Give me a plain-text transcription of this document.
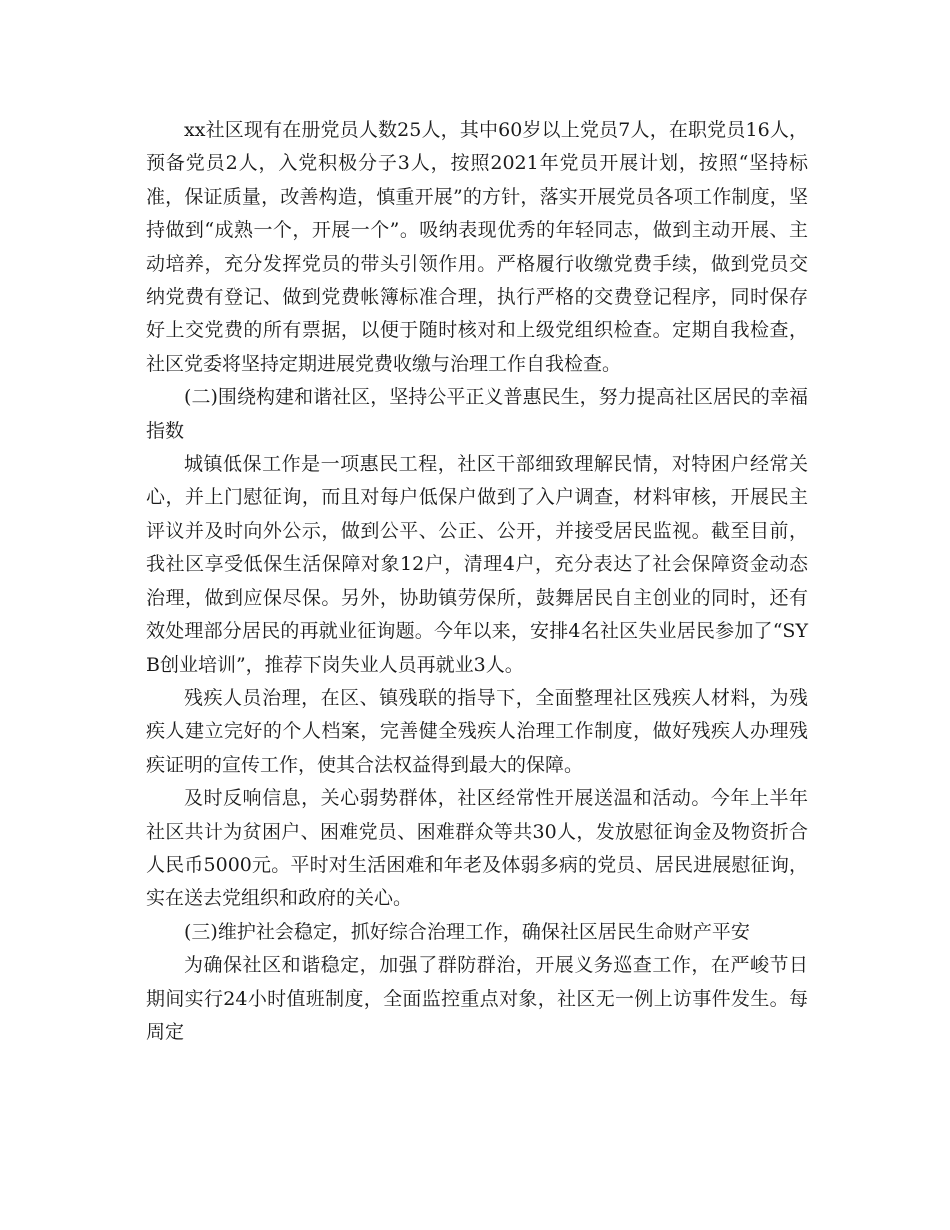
xx社区现有在册党员人数25人，其中60岁以上党员7人，在职党员16人，预备党员2人，入党积极分子3人，按照2021年党员开展计划，按照“坚持标准，保证质量，改善构造，慎重开展”的方针，落实开展党员各项工作制度，坚持做到“成熟一个，开展一个”。吸纳表现优秀的年轻同志，做到主动开展、主动培养，充分发挥党员的带头引领作用。严格履行收缴党费手续，做到党员交纳党费有登记、做到党费帐簿标准合理，执行严格的交费登记程序，同时保存好上交党费的所有票据，以便于随时核对和上级党组织检查。定期自我检查，社区党委将坚持定期进展党费收缴与治理工作自我检查。

(二)围绕构建和谐社区，坚持公平正义普惠民生，努力提高社区居民的幸福指数

城镇低保工作是一项惠民工程，社区干部细致理解民情，对特困户经常关心，并上门慰征询，而且对每户低保户做到了入户调查，材料审核，开展民主评议并及时向外公示，做到公平、公正、公开，并接受居民监视。截至目前，我社区享受低保生活保障对象12户，清理4户，充分表达了社会保障资金动态治理，做到应保尽保。另外，协助镇劳保所，鼓舞居民自主创业的同时，还有效处理部分居民的再就业征询题。今年以来，安排4名社区失业居民参加了“SYB创业培训”，推荐下岗失业人员再就业3人。

残疾人员治理，在区、镇残联的指导下，全面整理社区残疾人材料，为残疾人建立完好的个人档案，完善健全残疾人治理工作制度，做好残疾人办理残疾证明的宣传工作，使其合法权益得到最大的保障。

及时反响信息，关心弱势群体，社区经常性开展送温和活动。今年上半年社区共计为贫困户、困难党员、困难群众等共30人，发放慰征询金及物资折合人民币5000元。平时对生活困难和年老及体弱多病的党员、居民进展慰征询，实在送去党组织和政府的关心。

(三)维护社会稳定，抓好综合治理工作，确保社区居民生命财产平安

为确保社区和谐稳定，加强了群防群治，开展义务巡查工作，在严峻节日期间实行24小时值班制度，全面监控重点对象，社区无一例上访事件发生。每周定
